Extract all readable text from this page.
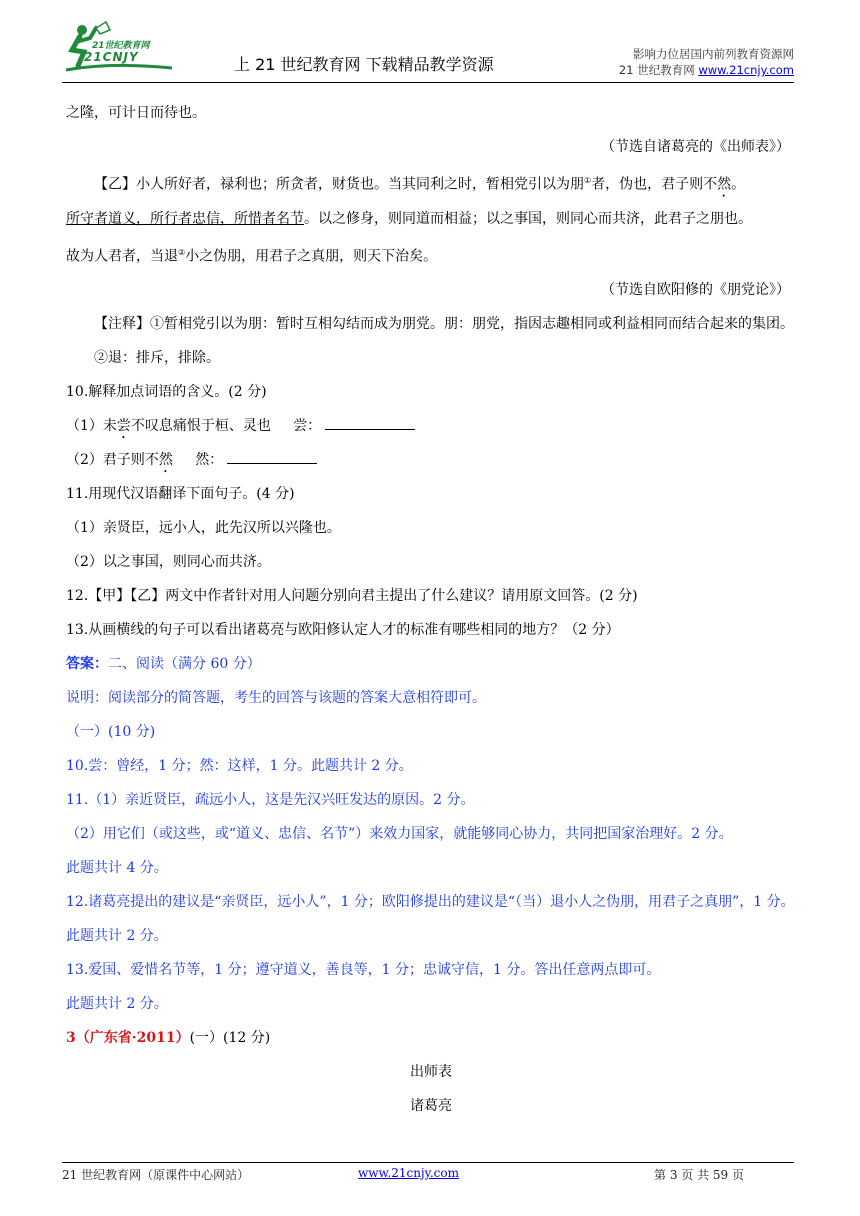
21世纪教育网
21CNJY	上 21 世纪教育网 下载精品教学资源
影响力位居国内前列教育资源网
21 世纪教育网 www.21cnjy.com

之隆，可计日而待也。

（节选自诸葛亮的《出师表》）

【乙】小人所好者，禄利也；所贪者，财货也。当其同利之时，暂相党引以为朋①者，伪也，君子则不然。

所守者道义，所行者忠信，所惜者名节。以之修身，则同道而相益；以之事国，则同心而共济，此君子之朋也。

故为人君者，当退②小之伪朋，用君子之真朋，则天下治矣。

（节选自欧阳修的《朋党论》）

【注释】①暂相党引以为朋：暂时互相勾结而成为朋党。朋：朋党，指因志趣相同或利益相同而结合起来的集团。②退：排斥，排除。

10.解释加点词语的含义。(2 分)

（1）未尝不叹息痛恨于桓、灵也 尝：

（2）君子则不然 然：

11.用现代汉语翻译下面句子。(4 分)

（1）亲贤臣，远小人，此先汉所以兴隆也。

（2）以之事国，则同心而共济。

12.【甲】【乙】两文中作者针对用人问题分别向君主提出了什么建议？请用原文回答。(2 分)

13.从画横线的句子可以看出诸葛亮与欧阳修认定人才的标准有哪些相同的地方？（2 分）

答案：二、阅读（满分 60 分）

说明：阅读部分的简答题，考生的回答与该题的答案大意相符即可。

（一）(10 分)

10.尝：曾经，1 分；然：这样，1 分。此题共计 2 分。

11.（1）亲近贤臣，疏远小人，这是先汉兴旺发达的原因。2 分。

（2）用它们（或这些，或“道义、忠信、名节”）来效力国家，就能够同心协力，共同把国家治理好。2 分。

此题共计 4 分。

12.诸葛亮提出的建议是“亲贤臣，远小人”，1 分；欧阳修提出的建议是“（当）退小人之伪朋，用君子之真朋”，1 分。

此题共计 2 分。

13.爱国、爱惜名节等，1 分；遵守道义，善良等，1 分；忠诚守信，1 分。答出任意两点即可。

此题共计 2 分。

3（广东省·2011）(一）(12 分)

出师表

诸葛亮

21 世纪教育网（原课件中心网站）	www.21cnjy.com	第 3 页 共 59 页
